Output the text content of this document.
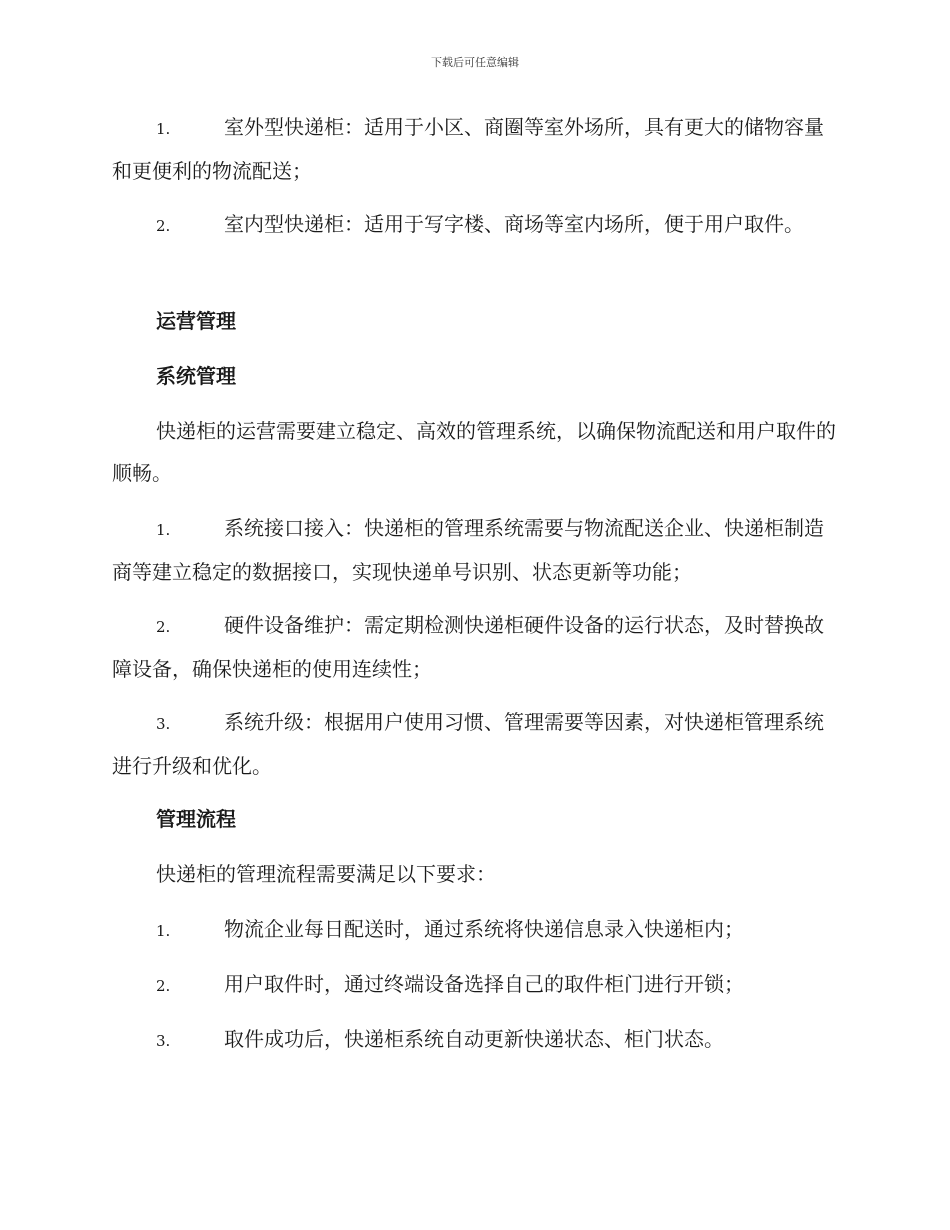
下载后可任意编辑
1.	室外型快递柜：适用于小区、商圈等室外场所，具有更大的储物容量和更便利的物流配送；
2.	室内型快递柜：适用于写字楼、商场等室内场所，便于用户取件。
运营管理
系统管理
快递柜的运营需要建立稳定、高效的管理系统，以确保物流配送和用户取件的顺畅。
1.	系统接口接入：快递柜的管理系统需要与物流配送企业、快递柜制造商等建立稳定的数据接口，实现快递单号识别、状态更新等功能；
2.	硬件设备维护：需定期检测快递柜硬件设备的运行状态，及时替换故障设备，确保快递柜的使用连续性；
3.	系统升级：根据用户使用习惯、管理需要等因素，对快递柜管理系统进行升级和优化。
管理流程
快递柜的管理流程需要满足以下要求：
1.	物流企业每日配送时，通过系统将快递信息录入快递柜内；
2.	用户取件时，通过终端设备选择自己的取件柜门进行开锁；
3.	取件成功后，快递柜系统自动更新快递状态、柜门状态。
